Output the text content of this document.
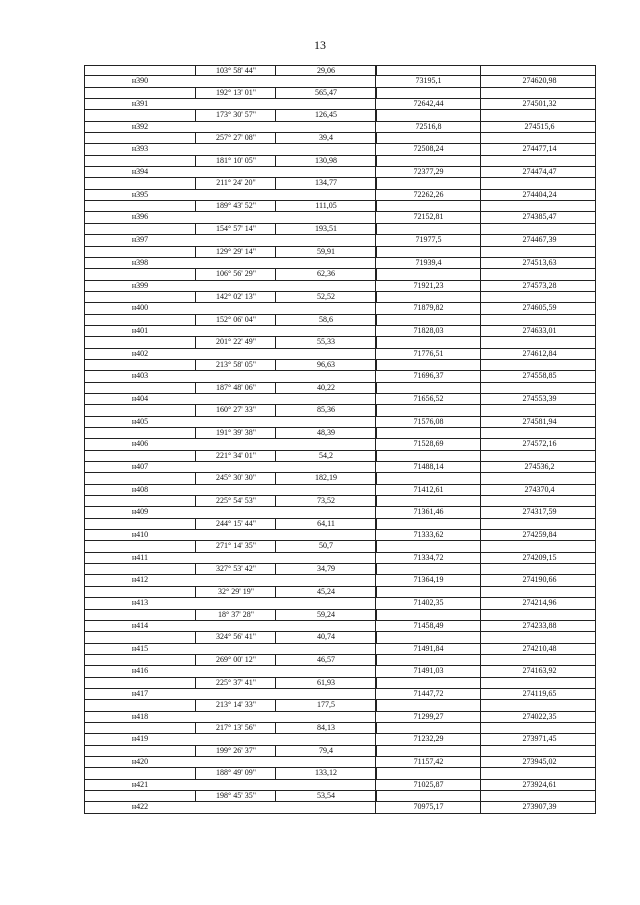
13
103° 58' 44"	29,06
н390	73195,1	274620,98
192° 13' 01"	565,47
н391	72642,44	274501,32
173° 30' 57"	126,45
н392	72516,8	274515,6
257° 27' 08"	39,4
н393	72508,24	274477,14
181° 10' 05"	130,98
н394	72377,29	274474,47
211° 24' 20"	134,77
н395	72262,26	274404,24
189° 43' 52"	111,05
н396	72152,81	274385,47
154° 57' 14"	193,51
н397	71977,5	274467,39
129° 29' 14"	59,91
н398	71939,4	274513,63
106° 56' 29"	62,36
н399	71921,23	274573,28
142° 02' 13"	52,52
н400	71879,82	274605,59
152° 06' 04"	58,6
н401	71828,03	274633,01
201° 22' 49"	55,33
н402	71776,51	274612,84
213° 58' 05"	96,63
н403	71696,37	274558,85
187° 48' 06"	40,22
н404	71656,52	274553,39
160° 27' 33"	85,36
н405	71576,08	274581,94
191° 39' 38"	48,39
н406	71528,69	274572,16
221° 34' 01"	54,2
н407	71488,14	274536,2
245° 30' 30"	182,19
н408	71412,61	274370,4
225° 54' 53"	73,52
н409	71361,46	274317,59
244° 15' 44"	64,11
н410	71333,62	274259,84
271° 14' 35"	50,7
н411	71334,72	274209,15
327° 53' 42"	34,79
н412	71364,19	274190,66
32° 29' 19"	45,24
н413	71402,35	274214,96
18° 37' 28"	59,24
н414	71458,49	274233,88
324° 56' 41"	40,74
н415	71491,84	274210,48
269° 00' 12"	46,57
н416	71491,03	274163,92
225° 37' 41"	61,93
н417	71447,72	274119,65
213° 14' 33"	177,5
н418	71299,27	274022,35
217° 13' 56"	84,13
н419	71232,29	273971,45
199° 26' 37"	79,4
н420	71157,42	273945,02
188° 49' 09"	133,12
н421	71025,87	273924,61
198° 45' 35"	53,54
н422	70975,17	273907,39
